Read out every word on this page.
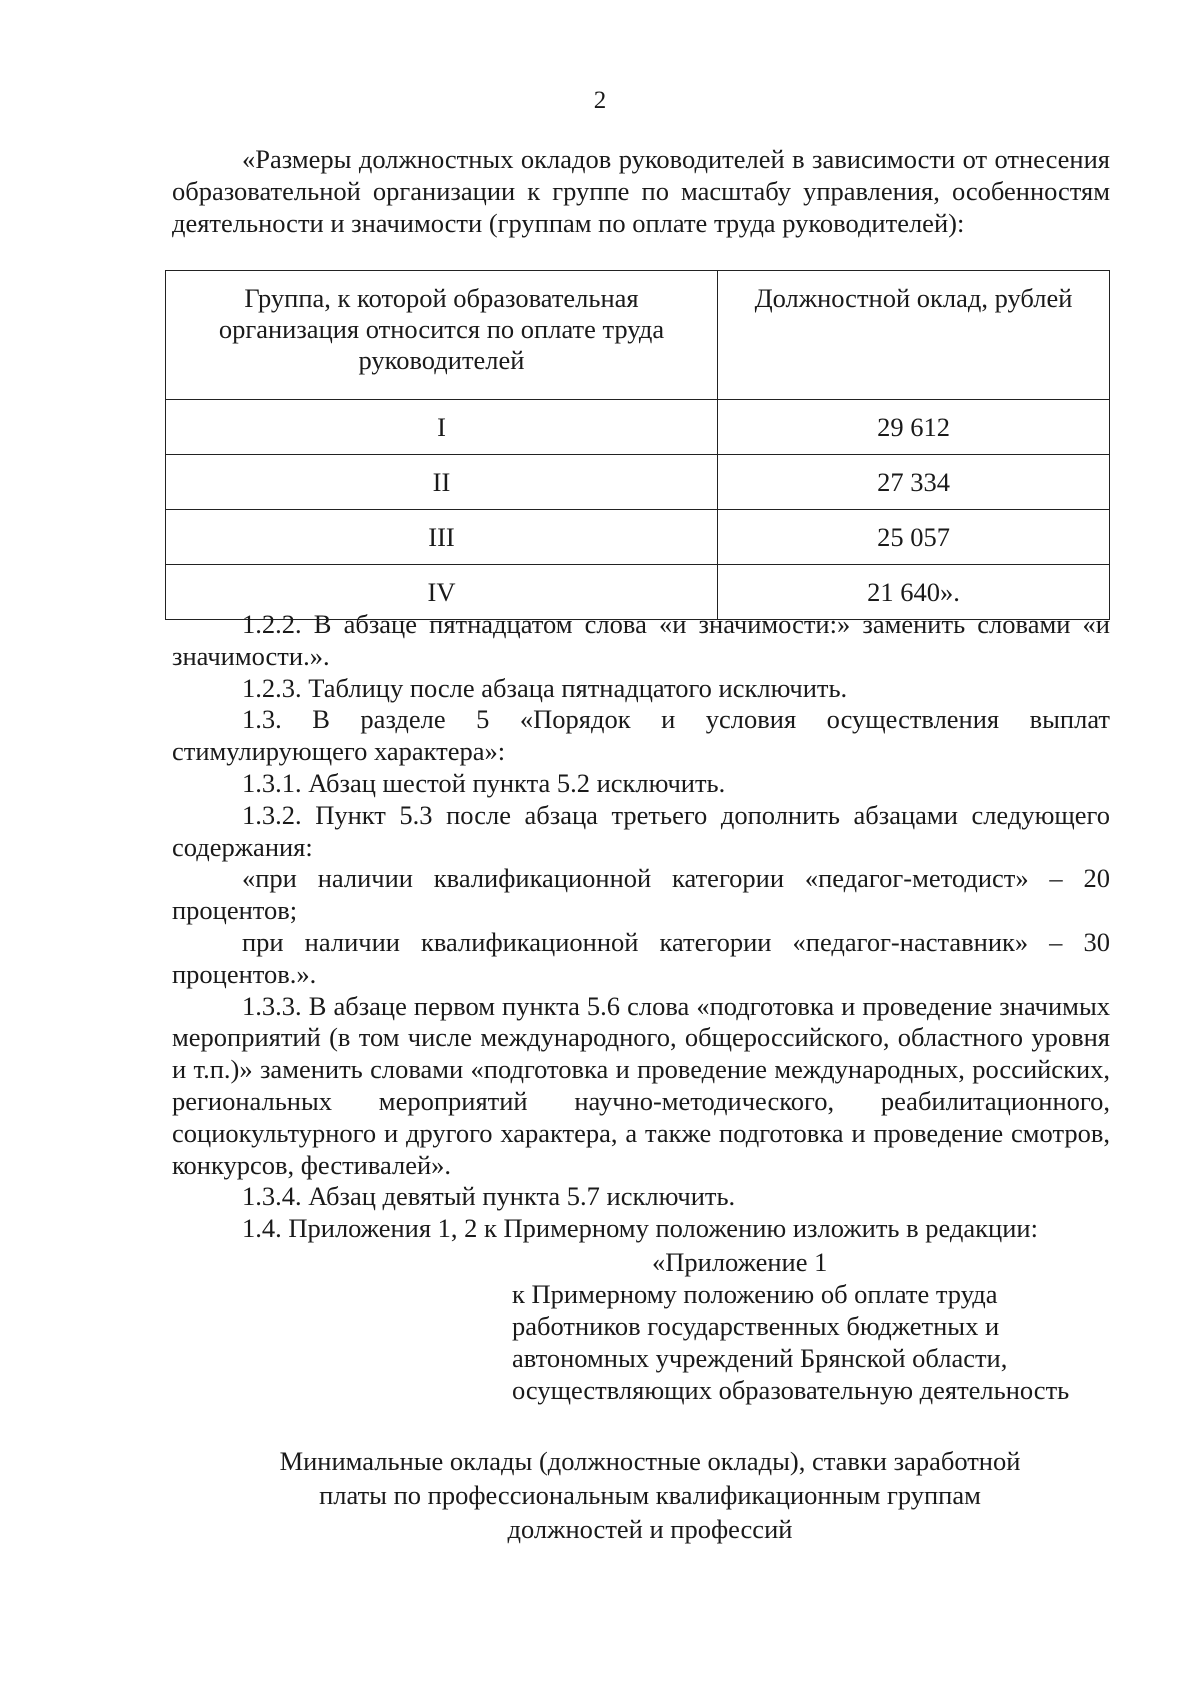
2

«Размеры должностных окладов руководителей в зависимости от отнесения образовательной организации к группе по масштабу управления, особенностям деятельности и значимости (группам по оплате труда руководителей):

Группа, к которой образовательная организация относится по оплате труда руководителей	Должностной оклад, рублей
I	29 612
II	27 334
III	25 057
IV	21 640».

1.2.2. В абзаце пятнадцатом слова «и значимости:» заменить словами «и значимости.».

1.2.3. Таблицу после абзаца пятнадцатого исключить.

1.3. В разделе 5 «Порядок и условия осуществления выплат стимулирующего характера»:

1.3.1. Абзац шестой пункта 5.2 исключить.

1.3.2. Пункт 5.3 после абзаца третьего дополнить абзацами следующего содержания:

«при наличии квалификационной категории «педагог-методист» – 20 процентов;

при наличии квалификационной категории «педагог-наставник» – 30 процентов.».

1.3.3. В абзаце первом пункта 5.6 слова «подготовка и проведение значимых мероприятий (в том числе международного, общероссийского, областного уровня и т.п.)» заменить словами «подготовка и проведение международных, российских, региональных мероприятий научно-методического, реабилитационного, социокультурного и другого характера, а также подготовка и проведение смотров, конкурсов, фестивалей».

1.3.4. Абзац девятый пункта 5.7 исключить.

1.4. Приложения 1, 2 к Примерному положению изложить в редакции:

«Приложение 1
к Примерному положению об оплате труда
работников государственных бюджетных и
автономных учреждений Брянской области,
осуществляющих образовательную деятельность
Минимальные оклады (должностные оклады), ставки заработной
платы по профессиональным квалификационным группам
должностей и профессий
